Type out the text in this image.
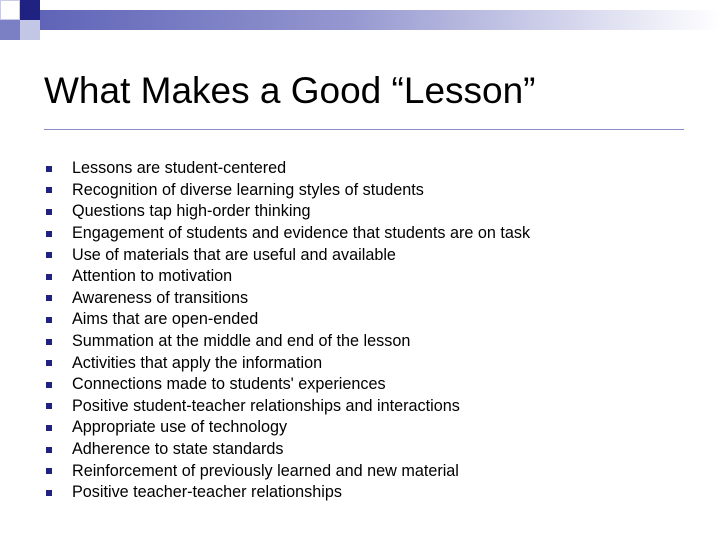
What Makes a Good “Lesson”
Lessons are student-centered
Recognition of diverse learning styles of students
Questions tap high-order thinking
Engagement of students and evidence that students are on task
Use of materials that are useful and available
Attention to motivation
Awareness of transitions
Aims that are open-ended
Summation at the middle and end of the lesson
Activities that apply the information
Connections made to students' experiences
Positive student-teacher relationships and interactions
Appropriate use of technology
Adherence to state standards
Reinforcement of previously learned and new material
Positive teacher-teacher relationships
